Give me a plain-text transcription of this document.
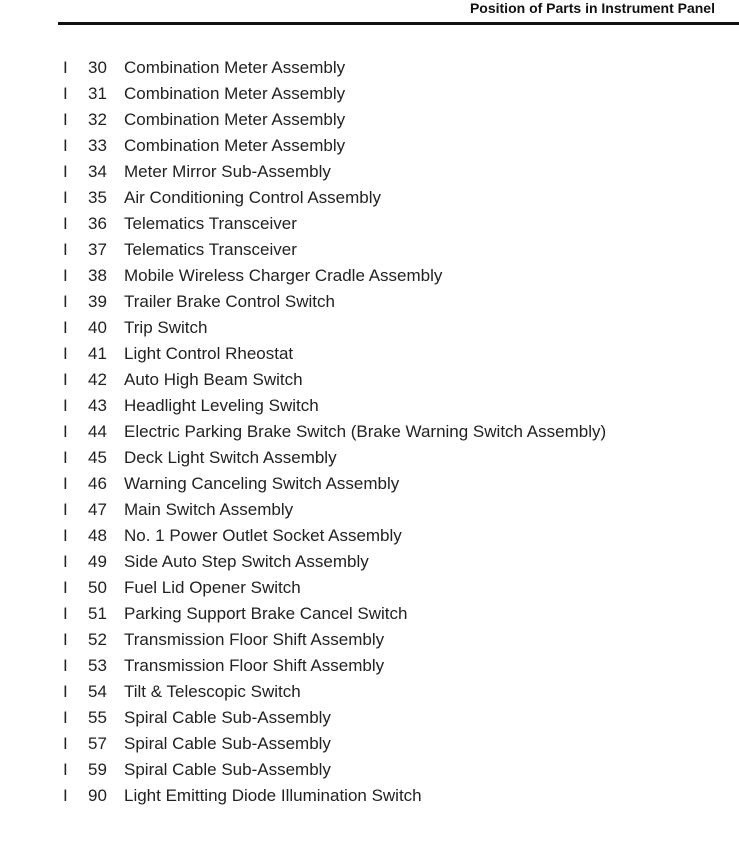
Position of Parts in Instrument Panel
I	30 Combination Meter Assembly
I	31 Combination Meter Assembly
I	32 Combination Meter Assembly
I	33 Combination Meter Assembly
I	34 Meter Mirror Sub-Assembly
I	35 Air Conditioning Control Assembly
I	36 Telematics Transceiver
I	37 Telematics Transceiver
I	38 Mobile Wireless Charger Cradle Assembly
I	39 Trailer Brake Control Switch
I	40 Trip Switch
I	41 Light Control Rheostat
I	42 Auto High Beam Switch
I	43 Headlight Leveling Switch
I	44 Electric Parking Brake Switch (Brake Warning Switch Assembly)
I	45 Deck Light Switch Assembly
I	46 Warning Canceling Switch Assembly
I	47 Main Switch Assembly
I	48 No. 1 Power Outlet Socket Assembly
I	49 Side Auto Step Switch Assembly
I	50 Fuel Lid Opener Switch
I	51 Parking Support Brake Cancel Switch
I	52 Transmission Floor Shift Assembly
I	53 Transmission Floor Shift Assembly
I	54 Tilt & Telescopic Switch
I	55 Spiral Cable Sub-Assembly
I	57 Spiral Cable Sub-Assembly
I	59 Spiral Cable Sub-Assembly
I	90 Light Emitting Diode Illumination Switch
